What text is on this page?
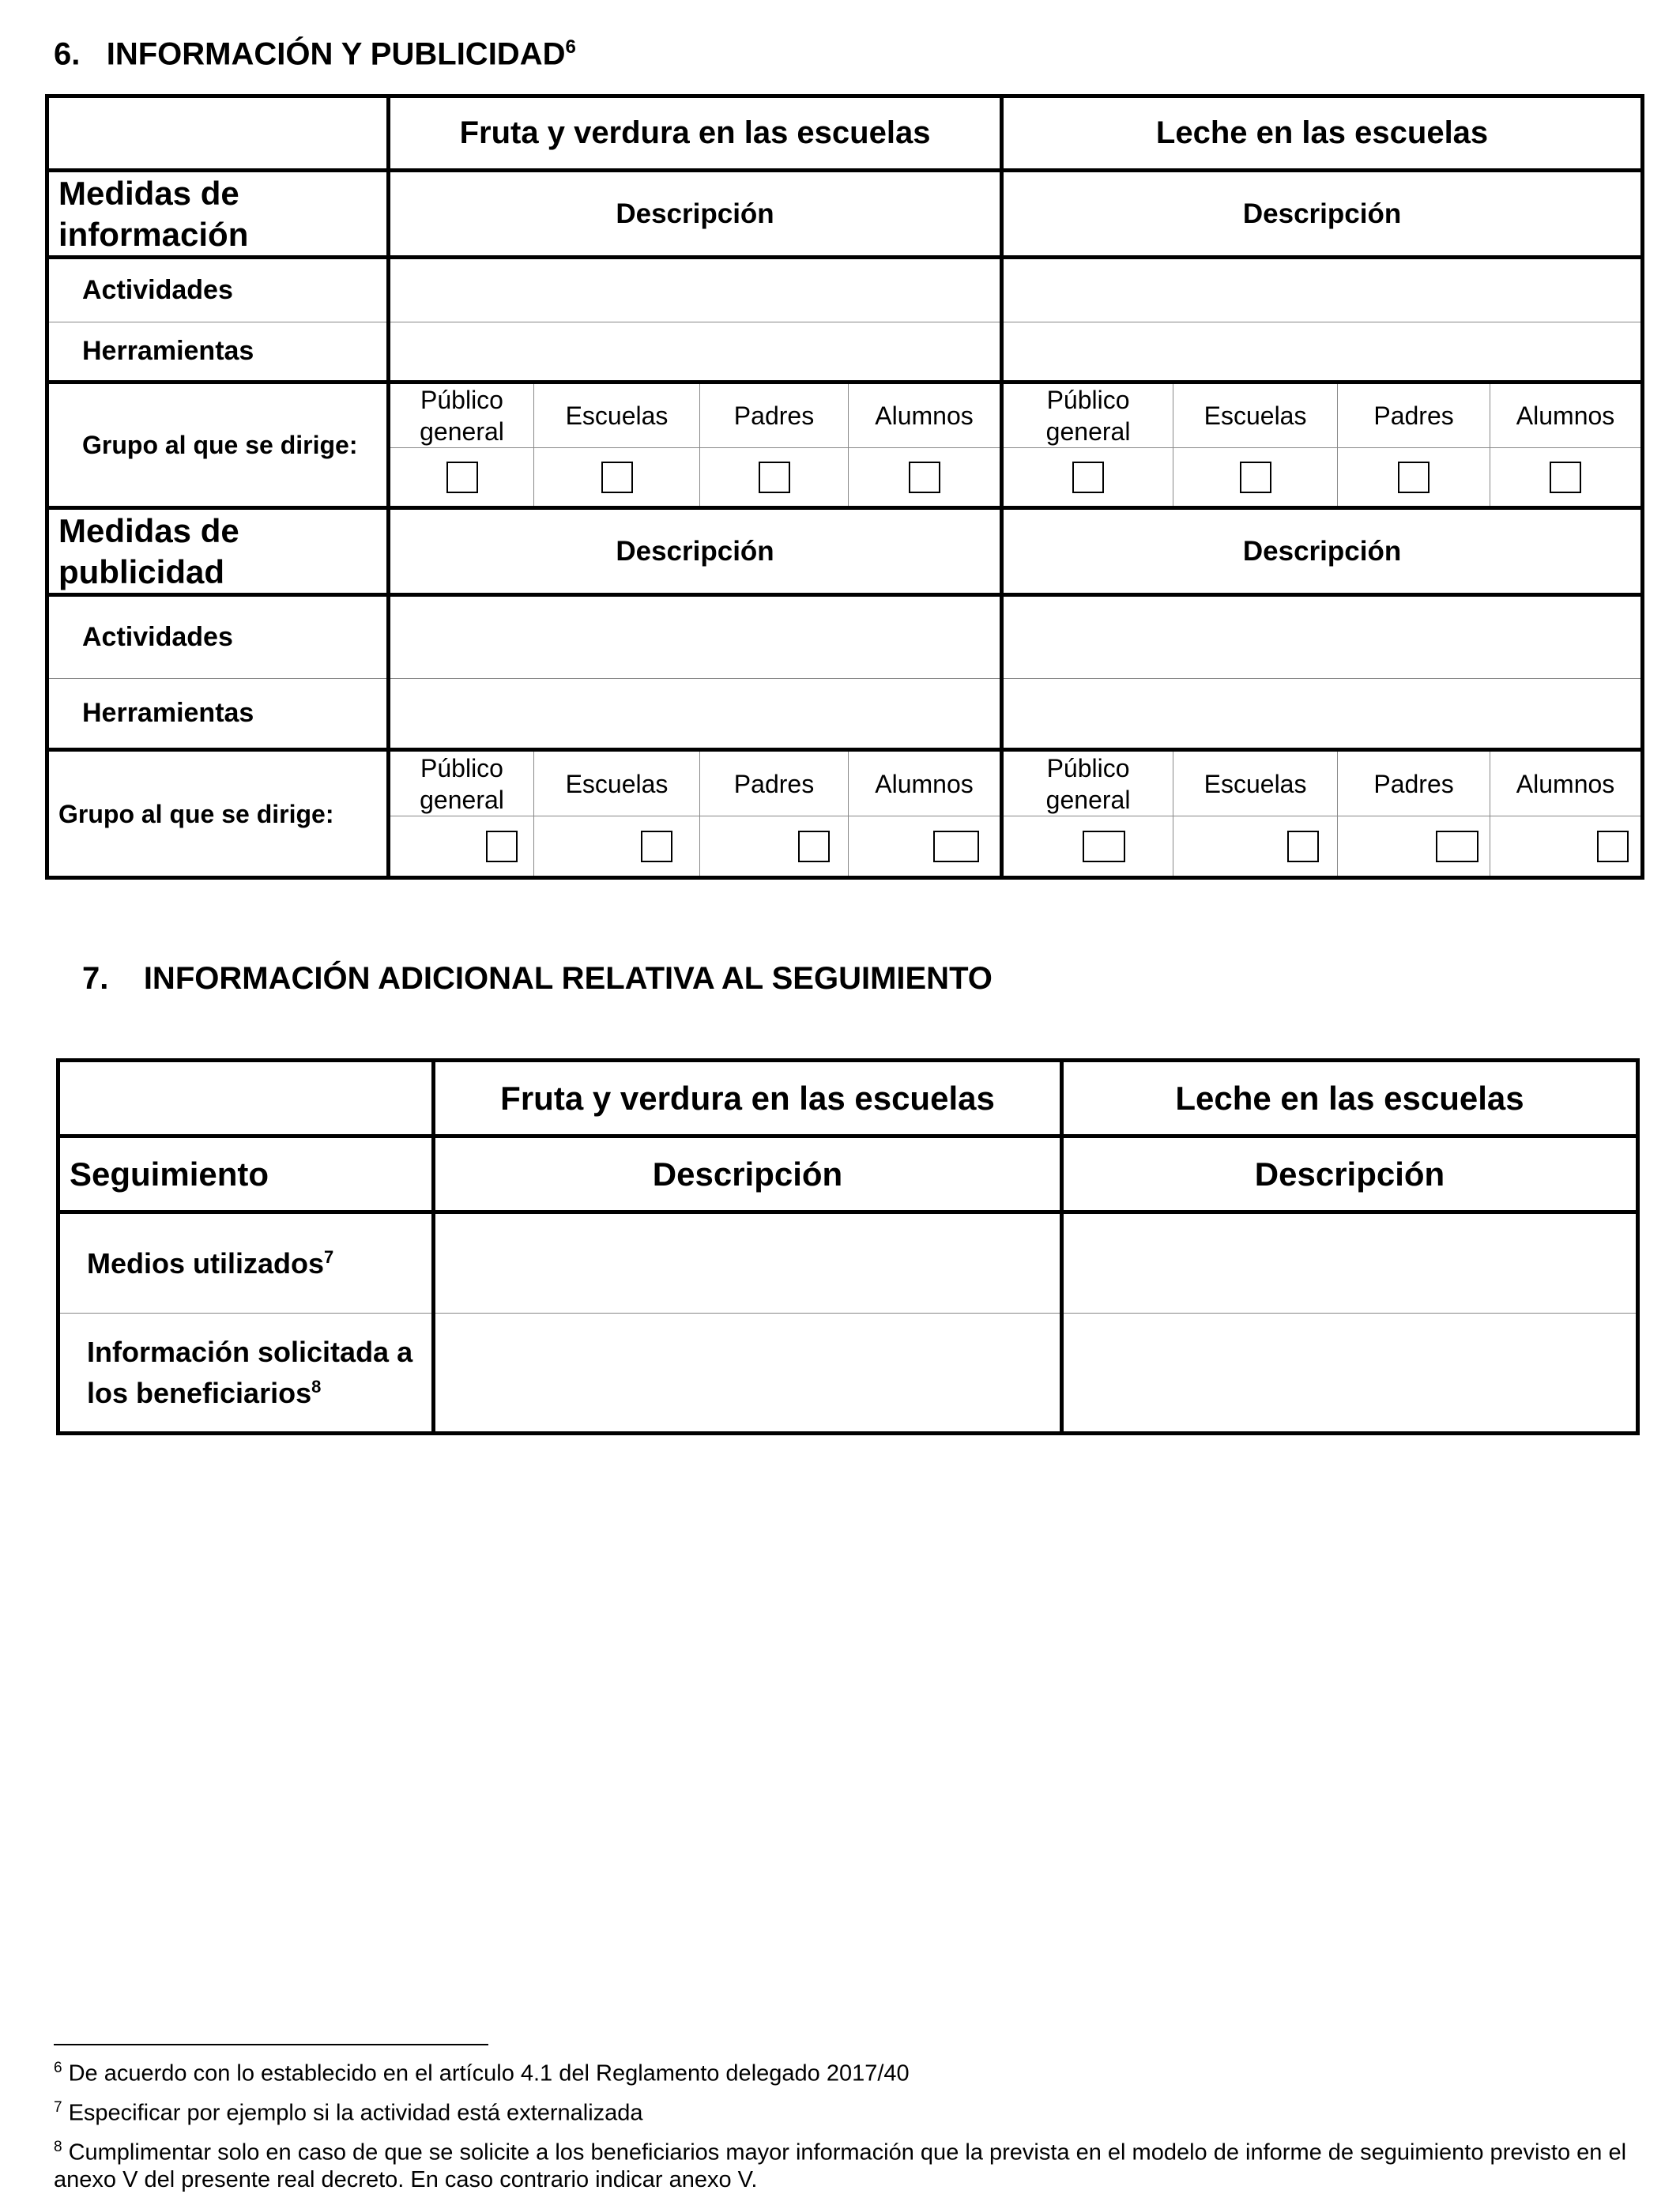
6. INFORMACIÓN Y PUBLICIDAD$^6$
	Fruta y verdura en las escuelas				Leche en las escuelas			
Medidas de información	Descripción				Descripción			
Actividades								
Herramientas								
Grupo al que se dirige:	Público general	Escuelas	Padres	Alumnos	Público general	Escuelas	Padres	Alumnos

Medidas de publicidad	Descripción				Descripción			
Actividades								
Herramientas								
Grupo al que se dirige:	Público general	Escuelas	Padres	Alumnos	Público general	Escuelas	Padres	Alumnos

7. INFORMACIÓN ADICIONAL RELATIVA AL SEGUIMIENTO
	Fruta y verdura en las escuelas	Leche en las escuelas
Seguimiento	Descripción	Descripción
Medios utilizados$^7$		
Información solicitada a los beneficiarios$^8$		
$^6$ De acuerdo con lo establecido en el artículo 4.1 del Reglamento delegado 2017/40
$^7$ Especificar por ejemplo si la actividad está externalizada
$^8$ Cumplimentar solo en caso de que se solicite a los beneficiarios mayor información que la prevista en el modelo de informe de seguimiento previsto en el anexo V del presente real decreto. En caso contrario indicar anexo V.
